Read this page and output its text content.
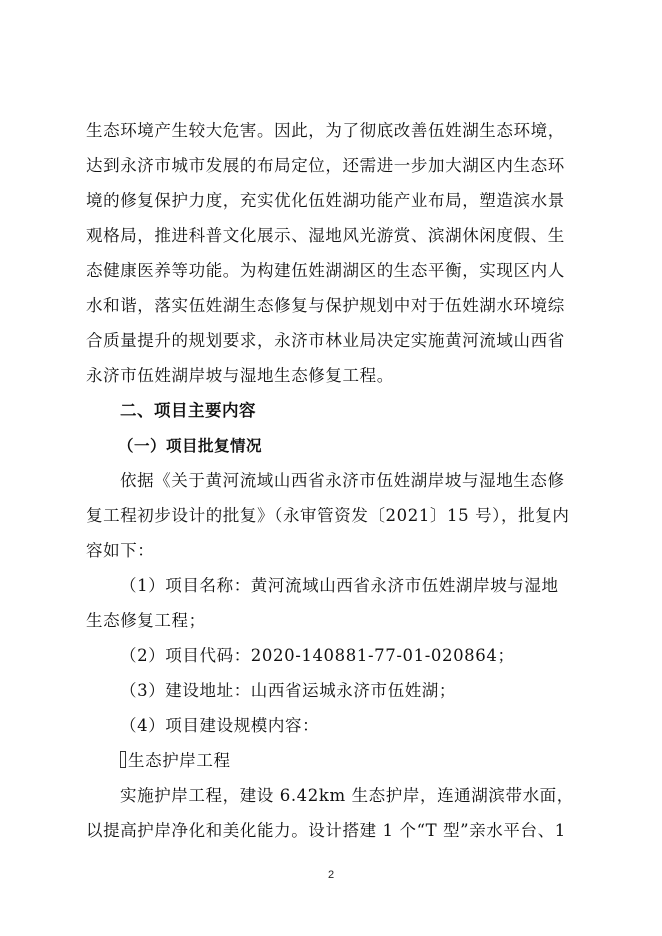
生态环境产生较大危害。因此，为了彻底改善伍姓湖生态环境，
达到永济市城市发展的布局定位，还需进一步加大湖区内生态环
境的修复保护力度，充实优化伍姓湖功能产业布局，塑造滨水景
观格局，推进科普文化展示、湿地风光游赏、滨湖休闲度假、生
态健康医养等功能。为构建伍姓湖湖区的生态平衡，实现区内人
水和谐，落实伍姓湖生态修复与保护规划中对于伍姓湖水环境综
合质量提升的规划要求，永济市林业局决定实施黄河流域山西省
永济市伍姓湖岸坡与湿地生态修复工程。
二、项目主要内容
（一）项目批复情况
依据《关于黄河流域山西省永济市伍姓湖岸坡与湿地生态修
复工程初步设计的批复》（永审管资发〔2021〕15 号），批复内
容如下：
（1）项目名称：黄河流域山西省永济市伍姓湖岸坡与湿地
生态修复工程；
（2）项目代码：2020-140881-77-01-020864；
（3）建设地址：山西省运城永济市伍姓湖；
（4）项目建设规模内容：
生态护岸工程
实施护岸工程，建设 6.42km 生态护岸，连通湖滨带水面，
以提高护岸净化和美化能力。设计搭建 1 个“T 型”亲水平台、1
2
